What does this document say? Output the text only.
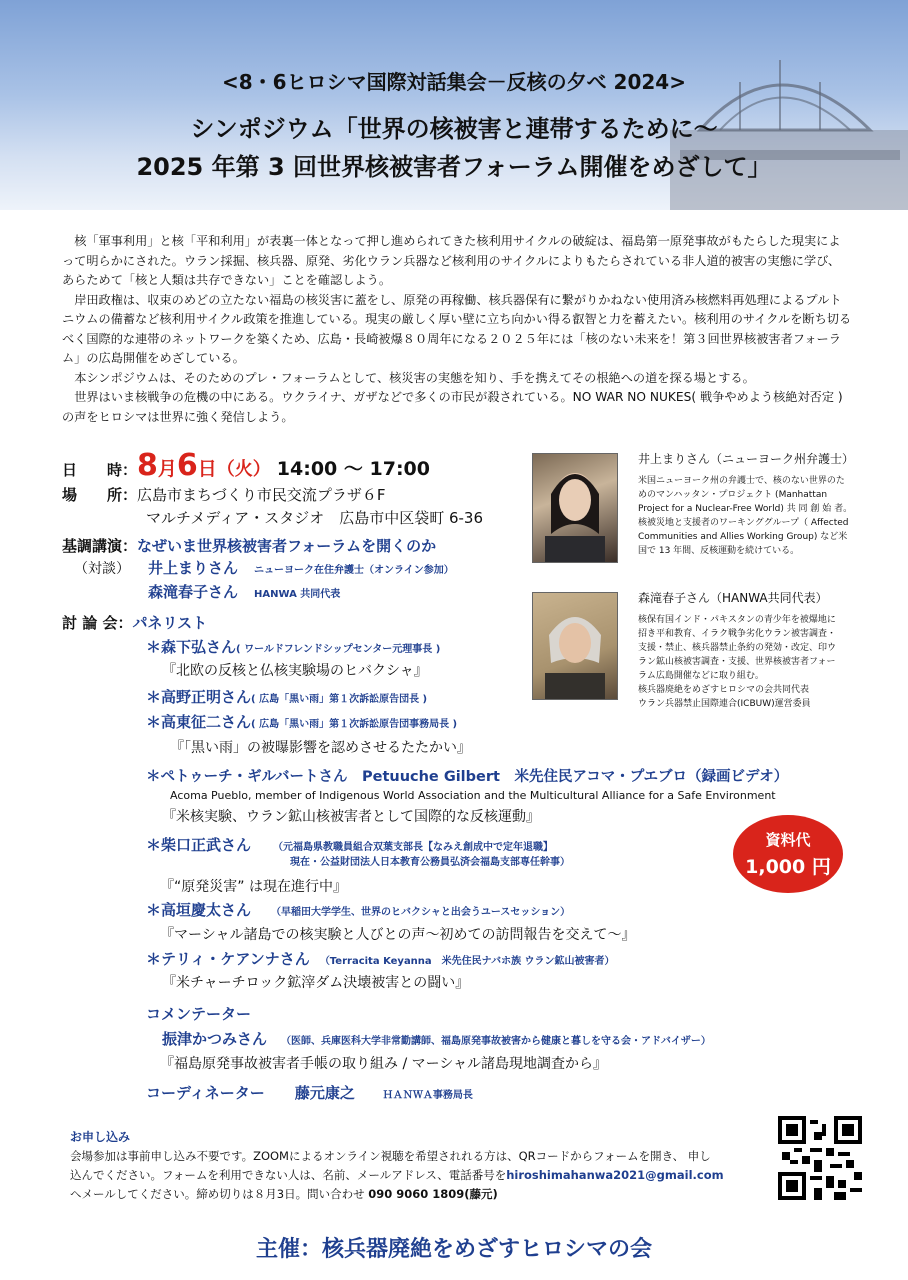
<8・6ヒロシマ国際対話集会－反核の夕べ 2024>
シンポジウム「世界の核被害と連帯するために～
2025 年第 3 回世界核被害者フォーラム開催をめざして」

核「軍事利用」と核「平和利用」が表裏一体となって押し進められてきた核利用サイクルの破綻は、福島第一原発事故がもたらした現実によって明らかにされた。ウラン採掘、核兵器、原発、劣化ウラン兵器など核利用のサイクルによりもたらされている非人道的被害の実態に学び、あらためて「核と人類は共存できない」ことを確認しよう。

岸田政権は、収束のめどの立たない福島の核災害に蓋をし、原発の再稼働、核兵器保有に繋がりかねない使用済み核燃料再処理によるプルトニウムの備蓄など核利用サイクル政策を推進している。現実の厳しく厚い壁に立ち向かい得る叡智と力を蓄えたい。核利用のサイクルを断ち切るべく国際的な連帯のネットワークを築くため、広島・長崎被爆８０周年になる２０２５年には「核のない未来を！第３回世界核被害者フォーラム」の広島開催をめざしている。

本シンポジウムは、そのためのプレ・フォーラムとして、核災害の実態を知り、手を携えてその根絶への道を探る場とする。

世界はいま核戦争の危機の中にある。ウクライナ、ガザなどで多くの市民が殺されている。NO WAR NO NUKES( 戦争やめよう核絶対否定 ) の声をヒロシマは世界に強く発信しよう。

日　　時：8月6日（火） 14:00 ～ 17:00
場　　所：広島市まちづくり市民交流プラザ６F
マルチメディア・スタジオ　広島市中区袋町 6-36
基調講演：なぜいま世界核被害者フォーラムを開くのか
（対談） 井上まりさん ニューヨーク在住弁護士（オンライン参加）
森滝春子さん HANWA 共同代表
討 論 会：パネリスト
＊森下弘さん( ワールドフレンドシップセンター元理事長 )
『北欧の反核と仏核実験場のヒバクシャ』
＊高野正明さん( 広島「黒い雨」第１次訴訟原告団長 )
＊高東征二さん( 広島「黒い雨」第１次訴訟原告団事務局長 )
『「黒い雨」の被曝影響を認めさせるたたかい』
＊ペトゥーチ・ギルバートさん　Petuuche Gilbert　米先住民アコマ・プエブロ（録画ビデオ）
Acoma Pueblo, member of Indigenous World Association and the Multicultural Alliance for a Safe Environment
『米核実験、ウラン鉱山核被害者として国際的な反核運動』
＊柴口正武さん （元福島県教職員組合双葉支部長【なみえ創成中で定年退職】
現在・公益財団法人日本教育公務員弘済会福島支部専任幹事）
『“原発災害” は現在進行中』
＊高垣慶太さん （早稲田大学学生、世界のヒバクシャと出会うユースセッション）
『マーシャル諸島での核実験と人びとの声～初めての訪問報告を交えて～』
＊テリィ・ケアンナさん （Terracita Keyanna　米先住民ナバホ族 ウラン鉱山被害者）
『米チャーチロック鉱滓ダム決壊被害との闘い』
コメンテーター
振津かつみさん （医師、兵庫医科大学非常勤講師、福島原発事故被害から健康と暮しを守る会・アドバイザー）
『福島原発事故被害者手帳の取り組み / マーシャル諸島現地調査から』
コーディネーター 藤元康之	ＨＡＮＷＡ事務局長
井上まりさん（ニューヨーク州弁護士）
米国ニューヨーク州の弁護士で、核のない世界のた
めのマンハッタン・プロジェクト (Manhattan
Project for a Nuclear-Free World) 共 同 創 始 者。
核被災地と支援者のワーキンググループ（ Affected
Communities and Allies Working Group) など米
国で 13 年間、反核運動を続けている。
森滝春子さん（HANWA共同代表）
核保有国インド・パキスタンの青少年を被爆地に
招き平和教育、イラク戦争劣化ウラン被害調査・
支援・禁止、核兵器禁止条約の発効・改定、印ウ
ラン鉱山核被害調査・支援、世界核被害者フォー
ラム広島開催などに取り組む。
核兵器廃絶をめざすヒロシマの会共同代表
ウラン兵器禁止国際連合(ICBUW)運営委員
資料代
1,000 円
お申し込み
会場参加は事前申し込み不要です。ZOOMによるオンライン視聴を希望されれる方は、QRコードからフォームを開き、 申し
込んでください。フォームを利用できない人は、名前、メールアドレス、電話番号をhiroshimahanwa2021@gmail.com
へメールしてください。締め切りは８月3日。問い合わせ 090 9060 1809(藤元)
主催：核兵器廃絶をめざすヒロシマの会
